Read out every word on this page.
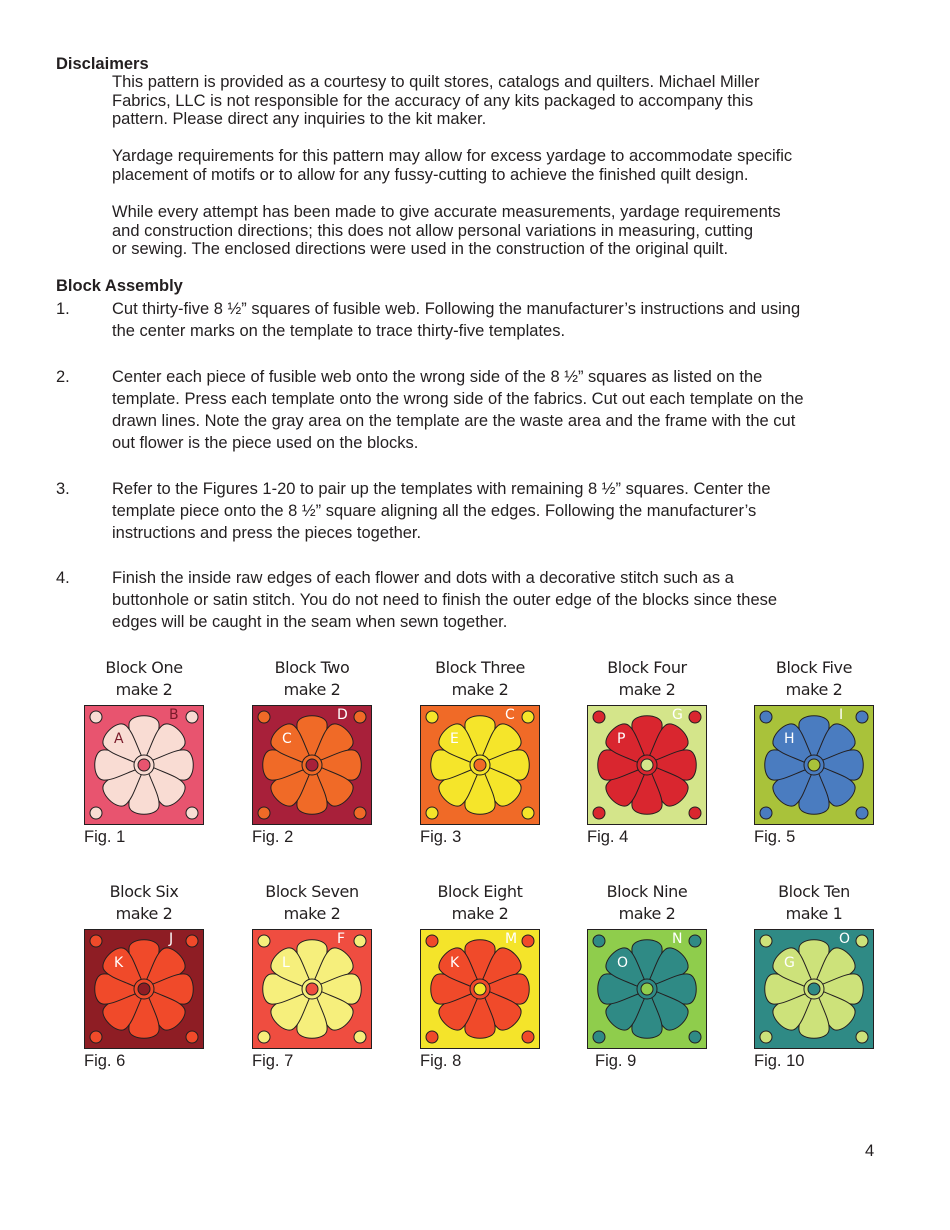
Disclaimers
This pattern is provided as a courtesy to quilt stores, catalogs and quilters. Michael Miller
Fabrics, LLC is not responsible for the accuracy of any kits packaged to accompany this
pattern. Please direct any inquiries to the kit maker.
Yardage requirements for this pattern may allow for excess yardage to accommodate specific
placement of motifs or to allow for any fussy-cutting to achieve the finished quilt design.
While every attempt has been made to give accurate measurements, yardage requirements
and construction directions; this does not allow personal variations in measuring, cutting
or sewing. The enclosed directions were used in the construction of the original quilt.
Block Assembly
1.	Cut thirty-five 8 ½” squares of fusible web. Following the manufacturer’s instructions and using
the center marks on the template to trace thirty-five templates.
2.	Center each piece of fusible web onto the wrong side of the 8 ½” squares as listed on the
template. Press each template onto the wrong side of the fabrics. Cut out each template on the
drawn lines. Note the gray area on the template are the waste area and the frame with the cut
out flower is the piece used on the blocks.
3.	Refer to the Figures 1-20 to pair up the templates with remaining 8 ½” squares. Center the
template piece onto the 8 ½” square aligning all the edges. Following the manufacturer’s
instructions and press the pieces together.
4.	Finish the inside raw edges of each flower and dots with a decorative stitch such as a
buttonhole or satin stitch. You do not need to finish the outer edge of the blocks since these
edges will be caught in the seam when sewn together.
Block One
make 2
B
A
Block Two
make 2
D
C
Block Three
make 2
C
E
Block Four
make 2
G
P
Block Five
make 2
I
H
Fig. 1	Fig. 2	Fig. 3	Fig. 4	Fig. 5
Block Six
make 2
J
K
Block Seven
make 2
F
L
Block Eight
make 2
M
K
Block Nine
make 2
N
O
Block Ten
make 1
O
G
Fig. 6	Fig. 7	Fig. 8	Fig. 9	Fig. 10
4
